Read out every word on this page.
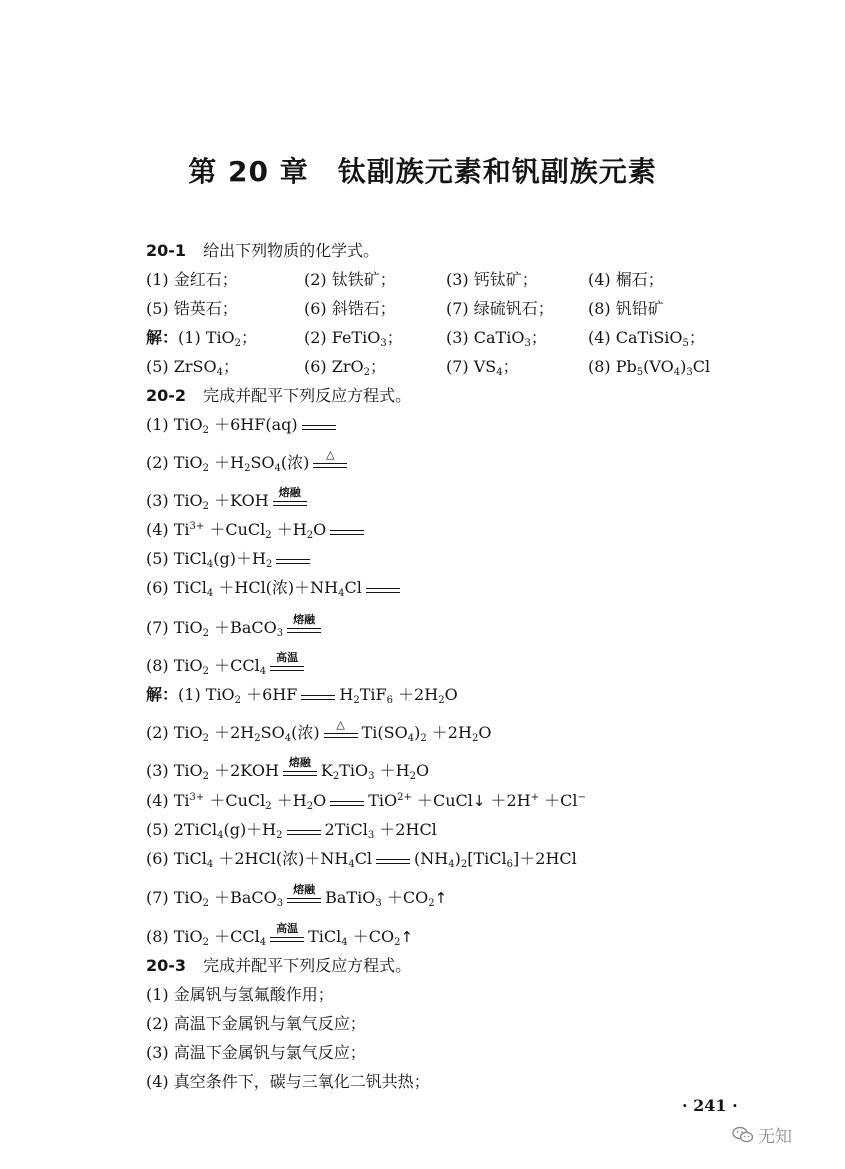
第 20 章　钛副族元素和钒副族元素
20-1 给出下列物质的化学式。
(1) 金红石；	(2) 钛铁矿；	(3) 钙钛矿；	(4) 榍石；
(5) 锆英石；	(6) 斜锆石；	(7) 绿硫钒石； (8) 钒铅矿
解：(1) TiO$_2$；	(2) FeTiO$_3$；	(3) CaTiO$_3$；	(4) CaTiSiO$_5$；
(5) ZrSO$_4$；	(6) ZrO$_2$；	(7) $VS_4$；	(8) $Pb_5(VO_4)_3Cl$
20-2 完成并配平下列反应方程式。
(1) TiO$_2$ ＋6HF(aq)
(2) $TiO_2 +H_2SO_4$(浓)	△
(3) TiO$_2$ ＋KOH 熔融
(4) $Ti^{3+}$ ＋CuCl$_2$ $+H_2O$
(5) $TiCl_4(g)+H_2$
(6) TiCl$_4$ ＋HCl(浓)$+NH_4Cl$
(7) TiO$_2$ ＋BaCO$_3$
熔融
(8) TiO$_2$ ＋CCl$_4$
高温
解：(1) TiO$_2$ ＋6HF	$H_2TiF_6 +2H_2O$
(2) $TiO_2 +2H_2SO_4$(浓)	△	$Ti(SO_4)_2 +2H_2O$
(3) TiO$_2$ ＋2KOH 熔融 $K_2TiO_3 +H_2O$
(4) $Ti^{3+}$ ＋CuCl$_2$ $+H_2O$	TiO$^{2+}$ ＋CuCl↓ ＋2H+ ＋Cl−
(5) $2TiCl_4(g)+H_2$	2TiCl$_3$ ＋2HCl
(6) TiCl$_4$ ＋2HCl(浓)$+NH_4Cl$	$(NH_4)_2[TiCl_6]+2HCl$
(7) TiO$_2$ ＋BaCO$_3$
熔融 BaTiO$_3$ $+CO_2↑$
(8) TiO$_2$ ＋CCl$_4$
高温 TiCl$_4$ $+CO_2↑$
20-3 完成并配平下列反应方程式。
(1) 金属钒与氢氟酸作用；
(2) 高温下金属钒与氧气反应；
(3) 高温下金属钒与氯气反应；
(4) 真空条件下，碳与三氧化二钒共热；
· 241 ·
无知
